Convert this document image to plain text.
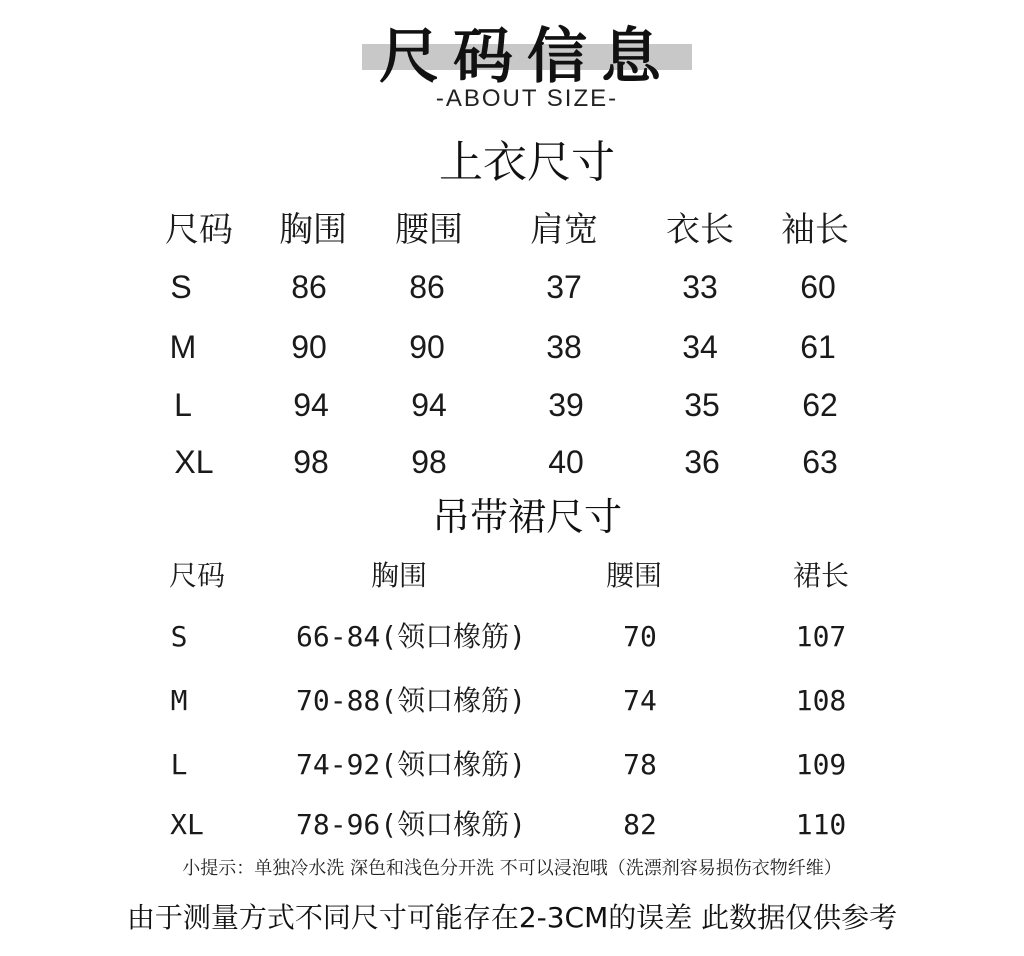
尺码信息
-ABOUT SIZE-
上衣尺寸
尺码 胸围 腰围 肩宽 衣长 袖长
S	86	86	37	33	60
M	90	90	38	34	61
L	94	94	39	35	62
XL 98	98	40	36	63
吊带裙尺寸
尺码	胸围	腰围	裙长
S	66-84(领口橡筋)	70	107
M	70-88(领口橡筋)	74	108
L	74-92(领口橡筋)	78	109
XL	78-96(领口橡筋)	82	110
小提示：单独冷水洗 深色和浅色分开洗 不可以浸泡哦（洗漂剂容易损伤衣物纤维）
由于测量方式不同尺寸可能存在2-3CM的误差 此数据仅供参考
